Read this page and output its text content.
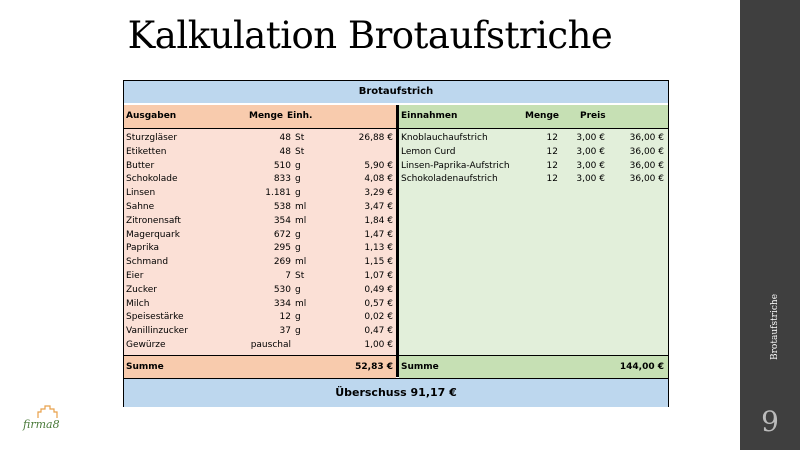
Kalkulation Brotaufstriche
Brotaufstrich
Ausgaben	Menge Einh.
Sturzgläser	48 St	26,88 €
Etiketten	48 St
Butter	510 g	5,90 €
Schokolade	833 g	4,08 €
Linsen	1.181 g	3,29 €
Sahne	538 ml	3,47 €
Zitronensaft	354 ml	1,84 €
Magerquark	672 g	1,47 €
Paprika	295 g	1,13 €
Schmand	269 ml	1,15 €
Eier	7 St	1,07 €
Zucker	530 g	0,49 €
Milch	334 ml	0,57 €
Speisestärke	12 g	0,02 €
Vanillinzucker	37 g	0,47 €
Gewürze	pauschal	1,00 €
Summe	52,83 €
Einnahmen	Menge Preis
Knoblauchaufstrich	12 3,00 €	36,00 €
Lemon Curd	12 3,00 €	36,00 €
Linsen-Paprika-Aufstrich	12 3,00 €	36,00 €
Schokoladenaufstrich	12 3,00 €	36,00 €
Summe	144,00 €
Überschuss 91,17 €
firma8
Brotaufstriche
9
